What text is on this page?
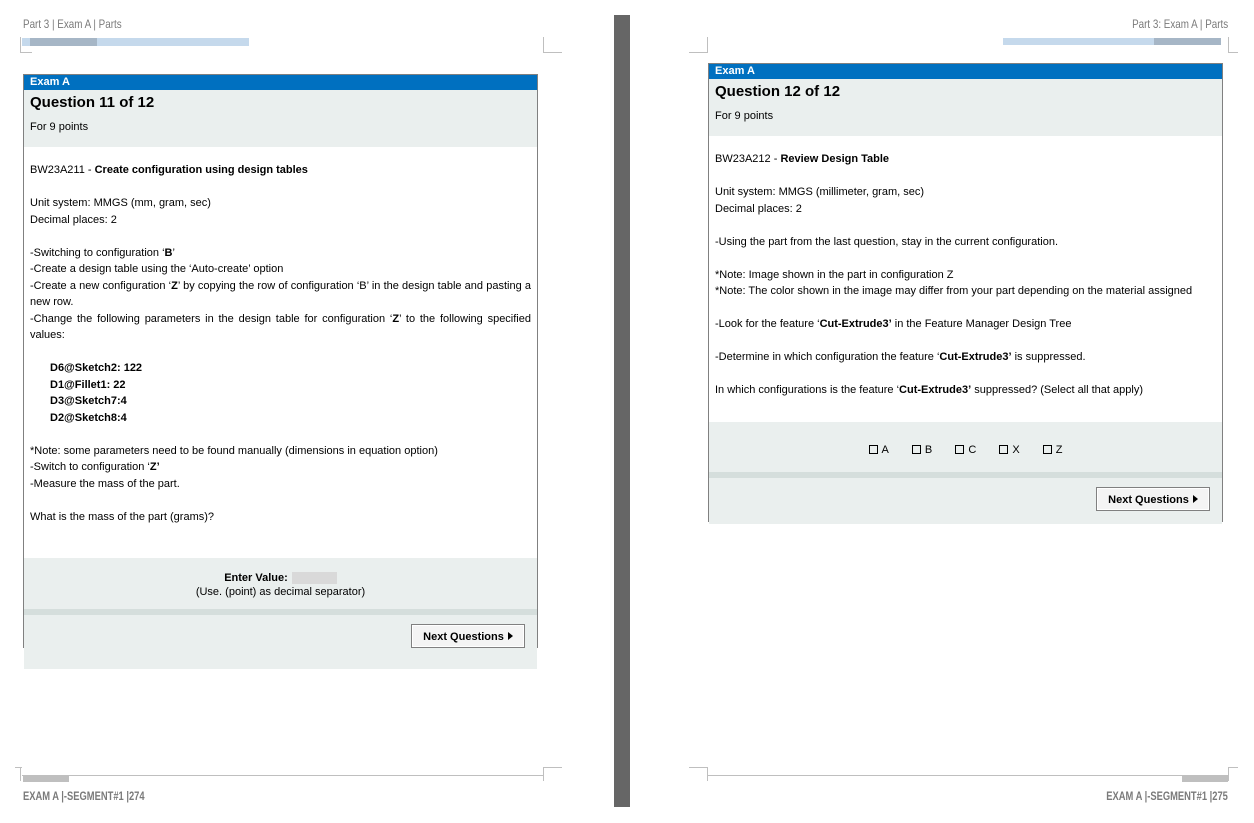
Part 3 | Exam A | Parts
Exam A
Question 11 of 12
For 9 points

BW23A211 - Create configuration using design tables

Unit system: MMGS (mm, gram, sec)

Decimal places: 2

-Switching to configuration ‘B’

-Create a design table using the ‘Auto-create’ option

-Create a new configuration ‘Z’ by copying the row of configuration ‘B’ in the design table and pasting a new row.

-Change the following parameters in the design table for configuration ‘Z’ to the following specified values:

D6@Sketch2: 122

D1@Fillet1: 22

D3@Sketch7:4

D2@Sketch8:4

*Note: some parameters need to be found manually (dimensions in equation option)

-Switch to configuration ‘Z’

-Measure the mass of the part.

What is the mass of the part (grams)?

Enter Value:
(Use. (point) as decimal separator)
Next Questions
EXAM A |-SEGMENT#1 |274
Part 3: Exam A | Parts
Exam A
Question 12 of 12
For 9 points

BW23A212 - Review Design Table

Unit system: MMGS (millimeter, gram, sec)

Decimal places: 2

-Using the part from the last question, stay in the current configuration.

*Note: Image shown in the part in configuration Z

*Note: The color shown in the image may differ from your part depending on the material assigned

-Look for the feature ‘Cut-Extrude3’ in the Feature Manager Design Tree

-Determine in which configuration the feature ‘Cut-Extrude3’ is suppressed.

In which configurations is the feature ‘Cut-Extrude3’ suppressed? (Select all that apply)

A	B	C	X	Z
Next Questions
EXAM A |-SEGMENT#1 |275
